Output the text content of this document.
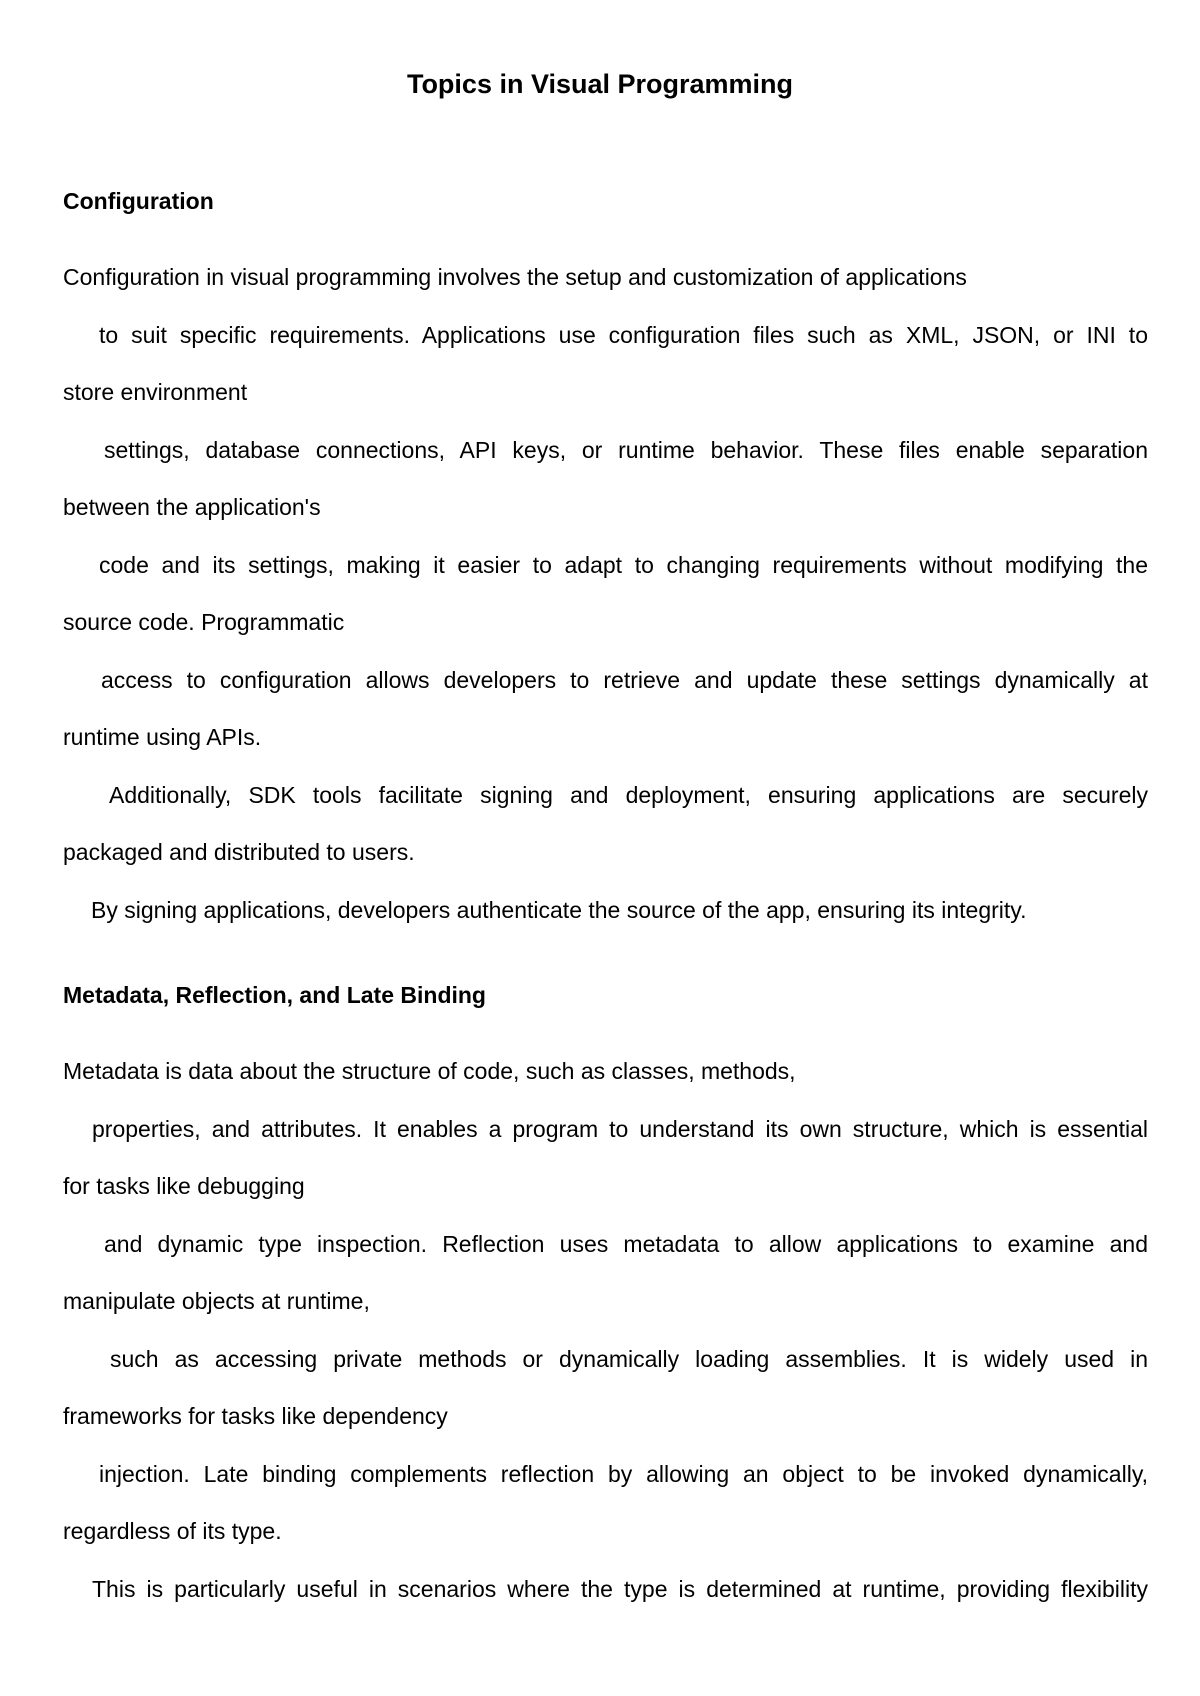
Topics in Visual Programming
Configuration
Configuration in visual programming involves the setup and customization of applications
to suit specific requirements. Applications use configuration files such as XML, JSON, or INI to
store environment
settings, database connections, API keys, or runtime behavior. These files enable separation
between the application's
code and its settings, making it easier to adapt to changing requirements without modifying the
source code. Programmatic
access to configuration allows developers to retrieve and update these settings dynamically at
runtime using APIs.
Additionally, SDK tools facilitate signing and deployment, ensuring applications are securely
packaged and distributed to users.
By signing applications, developers authenticate the source of the app, ensuring its integrity.
Metadata, Reflection, and Late Binding
Metadata is data about the structure of code, such as classes, methods,
properties, and attributes. It enables a program to understand its own structure, which is essential
for tasks like debugging
and dynamic type inspection. Reflection uses metadata to allow applications to examine and
manipulate objects at runtime,
such as accessing private methods or dynamically loading assemblies. It is widely used in
frameworks for tasks like dependency
injection. Late binding complements reflection by allowing an object to be invoked dynamically,
regardless of its type.
This is particularly useful in scenarios where the type is determined at runtime, providing flexibility
